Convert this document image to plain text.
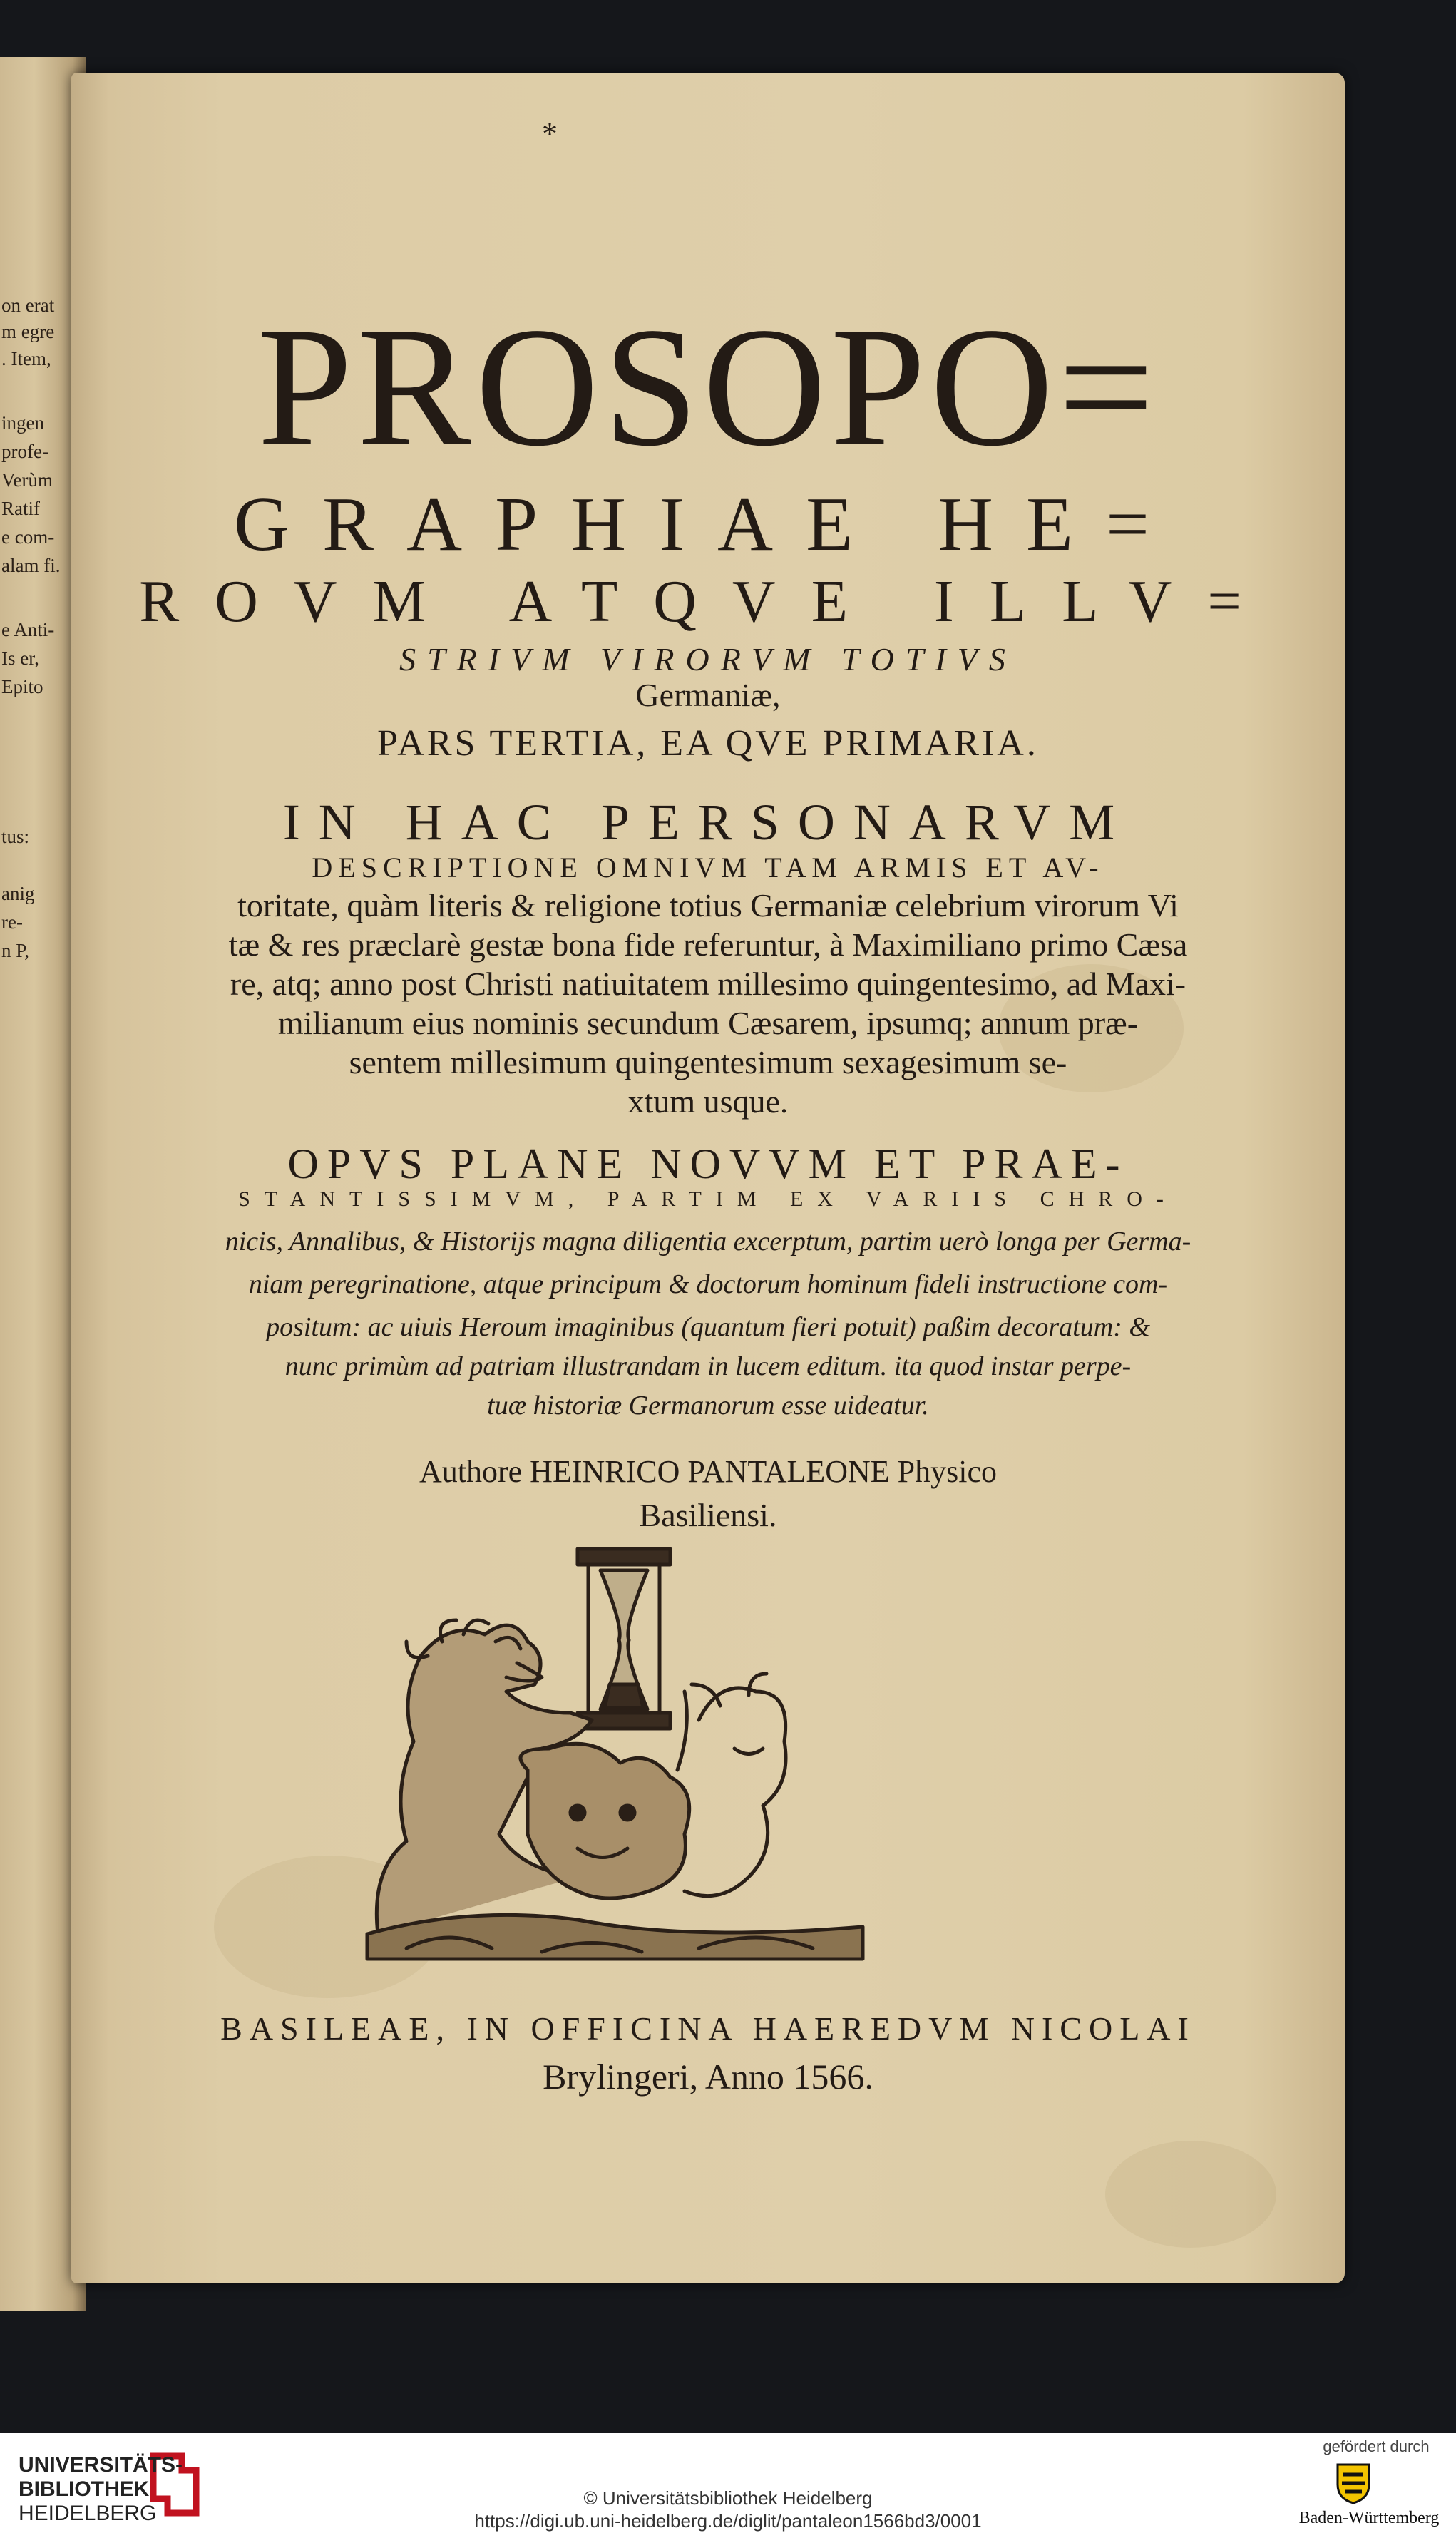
on erat
m egre
. Item,
ingen
profe-
Verùm
Ratif
e com-
alam fi.
e Anti-
Is er,
Epito
tus:
anig
re-
n P,
*
PROSOPO=
GRAPHIAE HE=
ROVM ATQVE ILLV=
STRIVM VIRORVM TOTIVS
Germaniæ,
PARS TERTIA, EA QVE PRIMARIA.
IN HAC PERSONARVM
DESCRIPTIONE OMNIVM TAM ARMIS ET AV-
toritate, quàm literis & religione totius Germaniæ celebrium virorum Vi
tæ & res præclarè gestæ bona fide referuntur, à Maximiliano primo Cæsa
re, atq; anno post Christi natiuitatem millesimo quingentesimo, ad Maxi-
milianum eius nominis secundum Cæsarem, ipsumq; annum præ-
sentem millesimum quingentesimum sexagesimum se-
xtum usque.
OPVS PLANE NOVVM ET PRAE-
STANTISSIMVM, PARTIM EX VARIIS CHRO-
nicis, Annalibus, & Historijs magna diligentia excerptum, partim uerò longa per Germa-
niam peregrinatione, atque principum & doctorum hominum fideli instructione com-
positum: ac uiuis Heroum imaginibus (quantum fieri potuit) paßim decoratum: &
nunc primùm ad patriam illustrandam in lucem editum. ita quod instar perpe-
tuæ historiæ Germanorum esse uideatur.
Authore HEINRICO PANTALEONE Physico
Basiliensi.
BASILEAE, IN OFFICINA HAEREDVM NICOLAI
Brylingeri, Anno 1566.
UNIVERSITÄTS-
BIBLIOTHEK
HEIDELBERG
© Universitätsbibliothek Heidelberg
https://digi.ub.uni-heidelberg.de/diglit/pantaleon1566bd3/0001
gefördert durch
Baden-Württemberg
